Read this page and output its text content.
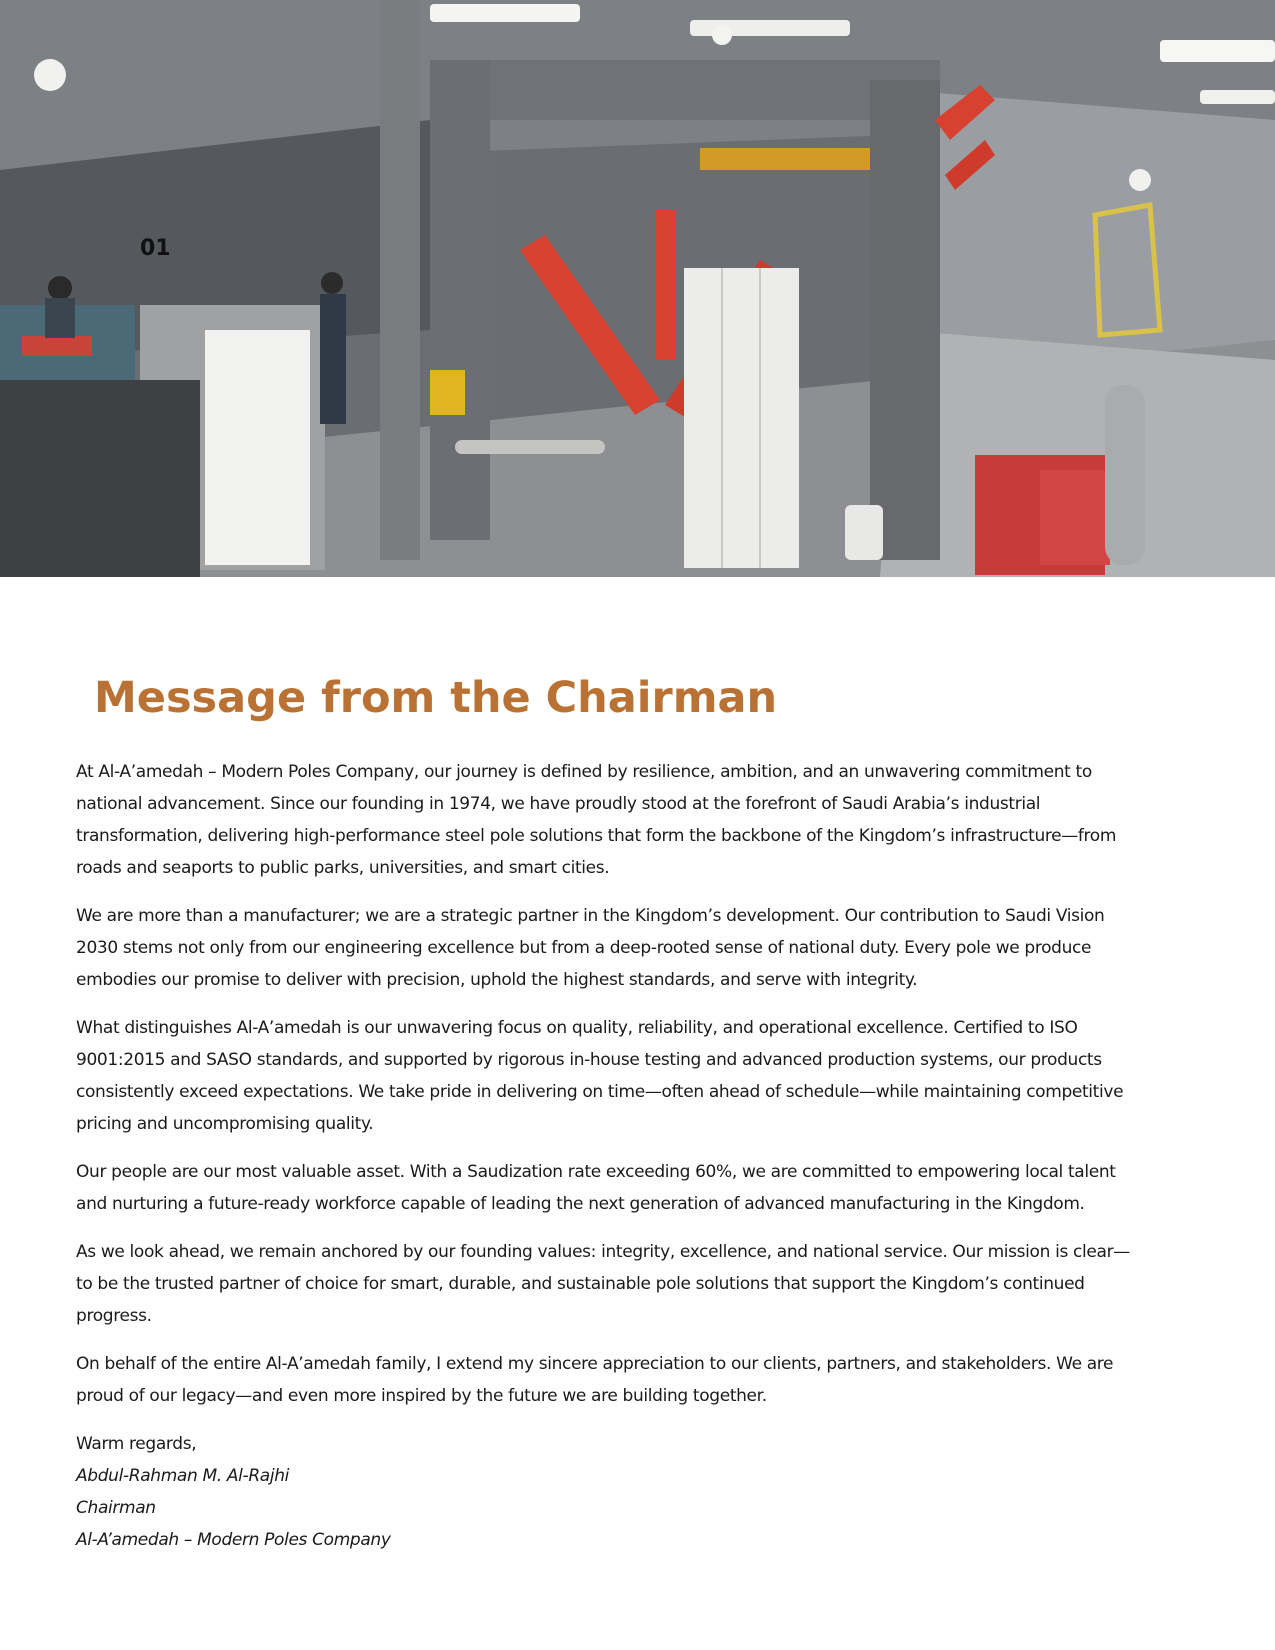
01
Message from the Chairman

At Al-A’amedah – Modern Poles Company, our journey is defined by resilience, ambition, and an unwavering commitment to national advancement. Since our founding in 1974, we have proudly stood at the forefront of Saudi Arabia’s industrial transformation, delivering high-performance steel pole solutions that form the backbone of the Kingdom’s infrastructure—from roads and seaports to public parks, universities, and smart cities.

We are more than a manufacturer; we are a strategic partner in the Kingdom’s development. Our contribution to Saudi Vision 2030 stems not only from our engineering excellence but from a deep-rooted sense of national duty. Every pole we produce embodies our promise to deliver with precision, uphold the highest standards, and serve with integrity.

What distinguishes Al-A’amedah is our unwavering focus on quality, reliability, and operational excellence. Certified to ISO 9001:2015 and SASO standards, and supported by rigorous in-house testing and advanced production systems, our products consistently exceed expectations. We take pride in delivering on time—often ahead of schedule—while maintaining competitive pricing and uncompromising quality.

Our people are our most valuable asset. With a Saudization rate exceeding 60%, we are committed to empowering local talent and nurturing a future-ready workforce capable of leading the next generation of advanced manufacturing in the Kingdom.

As we look ahead, we remain anchored by our founding values: integrity, excellence, and national service. Our mission is clear—to be the trusted partner of choice for smart, durable, and sustainable pole solutions that support the Kingdom’s continued progress.

On behalf of the entire Al-A’amedah family, I extend my sincere appreciation to our clients, partners, and stakeholders. We are proud of our legacy—and even more inspired by the future we are building together.

Warm regards,
Abdul-Rahman M. Al-Rajhi
Chairman
Al-A’amedah – Modern Poles Company
